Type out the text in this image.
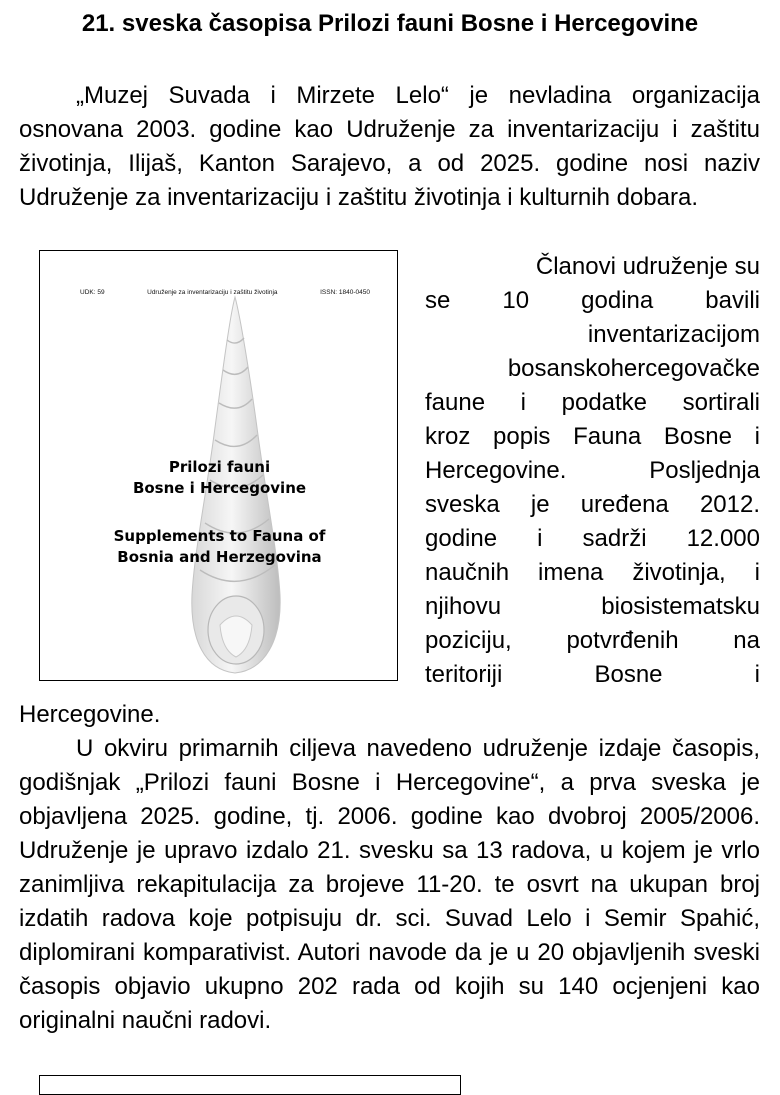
21. sveska časopisa Prilozi fauni Bosne i Hercegovine

„Muzej Suvada i Mirzete Lelo“ je nevladina organizacija osnovana 2003. godine kao Udruženje za inventarizaciju i zaštitu životinja, Ilijaš, Kanton Sarajevo, a od 2025. godine nosi naziv Udruženje za inventarizaciju i zaštitu životinja i kulturnih dobara.

UDK: 59	Udruženje za inventarizaciju i zaštitu životinja	ISSN: 1840-0450
Prilozi fauni
Bosne i Hercegovine
Supplements to Fauna of
Bosnia and Herzegovina
Članovi udruženje su
se 10 godina bavili
inventarizacijom
bosanskohercegovačke
faune i podatke sortirali
kroz popis Fauna Bosne i
Hercegovine. Posljednja
sveska je uređena 2012.
godine i sadrži 12.000
naučnih imena životinja, i
njihovu biosistematsku
poziciju, potvrđenih na
teritoriji Bosne i

Hercegovine.

U okviru primarnih ciljeva navedeno udruženje izdaje časopis, godišnjak „Prilozi fauni Bosne i Hercegovine“, a prva sveska je objavljena 2025. godine, tj. 2006. godine kao dvobroj 2005/2006. Udruženje je upravo izdalo 21. svesku sa 13 radova, u kojem je vrlo zanimljiva rekapitulacija za brojeve 11-20. te osvrt na ukupan broj izdatih radova koje potpisuju dr. sci. Suvad Lelo i Semir Spahić, diplomirani komparativist. Autori navode da je u 20 objavljenih sveski časopis objavio ukupno 202 rada od kojih su 140 ocjenjeni kao originalni naučni radovi.
